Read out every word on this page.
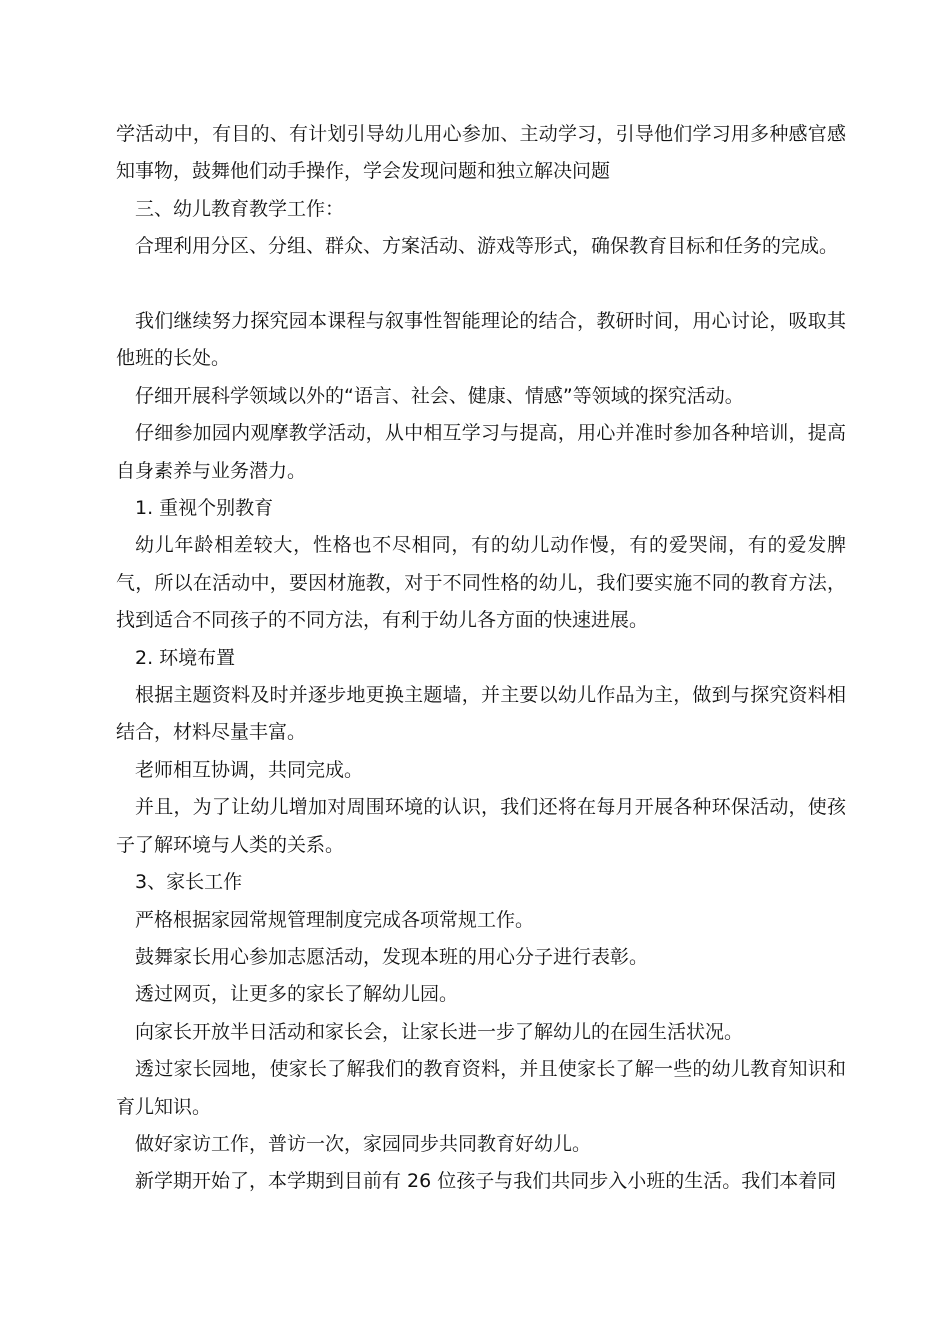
学活动中，有目的、有计划引导幼儿用心参加、主动学习，引导他们学习用多种感官感知事物，鼓舞他们动手操作，学会发现问题和独立解决问题

三、幼儿教育教学工作：

合理利用分区、分组、群众、方案活动、游戏等形式，确保教育目标和任务的完成。

我们继续努力探究园本课程与叙事性智能理论的结合，教研时间，用心讨论，吸取其他班的长处。

仔细开展科学领域以外的“语言、社会、健康、情感”等领域的探究活动。

仔细参加园内观摩教学活动，从中相互学习与提高，用心并准时参加各种培训，提高自身素养与业务潜力。

1. 重视个别教育

幼儿年龄相差较大，性格也不尽相同，有的幼儿动作慢，有的爱哭闹，有的爱发脾气，所以在活动中，要因材施教，对于不同性格的幼儿，我们要实施不同的教育方法，找到适合不同孩子的不同方法，有利于幼儿各方面的快速进展。

2. 环境布置

根据主题资料及时并逐步地更换主题墙，并主要以幼儿作品为主，做到与探究资料相结合，材料尽量丰富。

老师相互协调，共同完成。

并且，为了让幼儿增加对周围环境的认识，我们还将在每月开展各种环保活动，使孩子了解环境与人类的关系。

3、家长工作

严格根据家园常规管理制度完成各项常规工作。

鼓舞家长用心参加志愿活动，发现本班的用心分子进行表彰。

透过网页，让更多的家长了解幼儿园。

向家长开放半日活动和家长会，让家长进一步了解幼儿的在园生活状况。

透过家长园地，使家长了解我们的教育资料，并且使家长了解一些的幼儿教育知识和育儿知识。

做好家访工作，普访一次，家园同步共同教育好幼儿。

新学期开始了，本学期到目前有 26 位孩子与我们共同步入小班的生活。我们本着同
